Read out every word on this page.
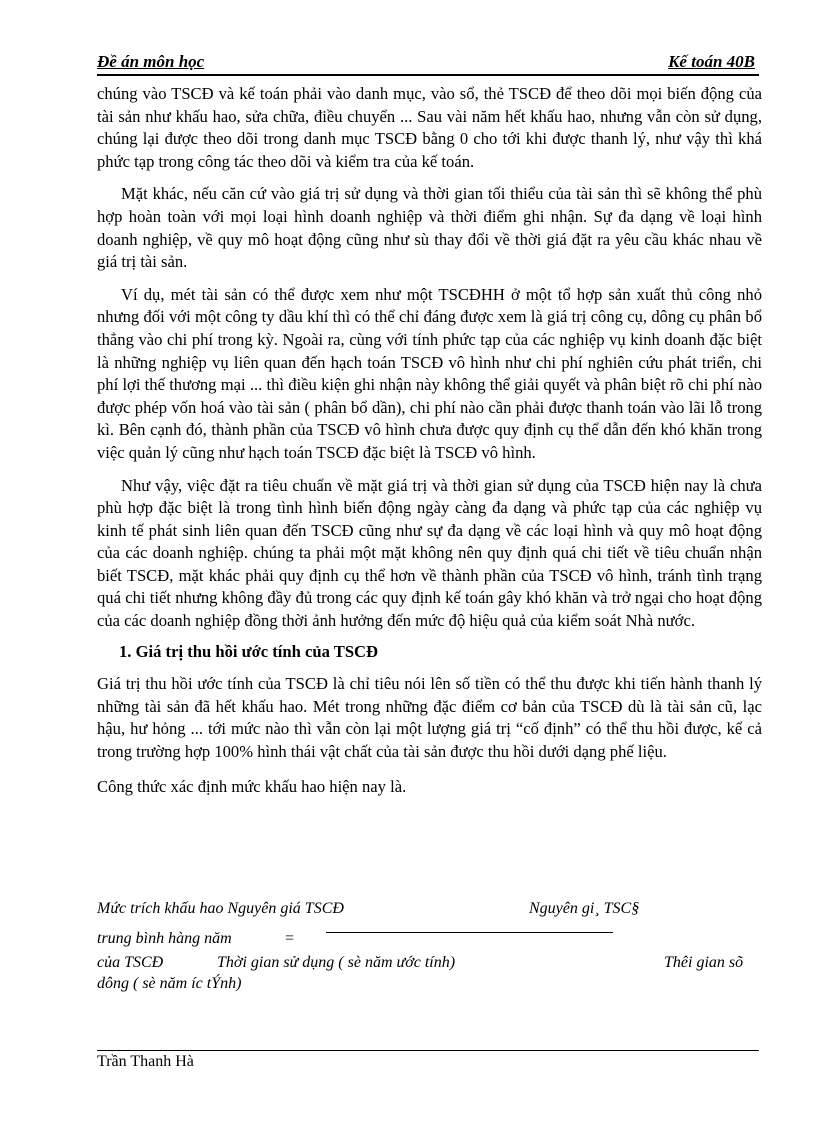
Đề án môn học	Kế toán 40B

chúng vào TSCĐ và kế toán phải vào danh mục, vào sổ, thẻ TSCĐ để theo dõi mọi biến động của tài sản như khấu hao, sửa chữa, điều chuyển ... Sau vài năm hết khấu hao, nhưng vẫn còn sử dụng, chúng lại được theo dõi trong danh mục TSCĐ bằng 0 cho tới khi được thanh lý, như vậy thì khá phức tạp trong công tác theo dõi và kiểm tra của kế toán.

Mặt khác, nếu căn cứ vào giá trị sử dụng và thời gian tối thiểu của tài sản thì sẽ không thể phù hợp hoàn toàn với mọi loại hình doanh nghiệp và thời điểm ghi nhận. Sự đa dạng về loại hình doanh nghiệp, về quy mô hoạt động cũng như sù thay đổi về thời giá đặt ra yêu cầu khác nhau về giá trị tài sản.

Ví dụ, mét tài sản có thể được xem như một TSCĐHH ở một tổ hợp sản xuất thủ công nhỏ nhưng đối với một công ty dầu khí thì có thể chỉ đáng được xem là giá trị công cụ, dông cụ phân bổ thẳng vào chi phí trong kỳ. Ngoài ra, cùng với tính phức tạp của các nghiệp vụ kinh doanh đặc biệt là những nghiệp vụ liên quan đến hạch toán TSCĐ vô hình như chi phí nghiên cứu phát triển, chi phí lợi thế thương mại ... thì điều kiện ghi nhận này không thể giải quyết và phân biệt rõ chi phí nào được phép vốn hoá vào tài sản ( phân bổ dần), chi phí nào cần phải được thanh toán vào lãi lỗ trong kì. Bên cạnh đó, thành phần của TSCĐ vô hình chưa được quy định cụ thể dẫn đến khó khăn trong việc quản lý cũng như hạch toán TSCĐ đặc biệt là TSCĐ vô hình.

Như vậy, việc đặt ra tiêu chuẩn về mặt giá trị và thời gian sử dụng của TSCĐ hiện nay là chưa phù hợp đặc biệt là trong tình hình biến động ngày càng đa dạng và phức tạp của các nghiệp vụ kinh tế phát sinh liên quan đến TSCĐ cũng như sự đa dạng về các loại hình và quy mô hoạt động của các doanh nghiệp. chúng ta phải một mặt không nên quy định quá chi tiết về tiêu chuẩn nhận biết TSCĐ, mặt khác phải quy định cụ thể hơn về thành phần của TSCĐ vô hình, tránh tình trạng quá chi tiết nhưng không đầy đủ trong các quy định kế toán gây khó khăn và trở ngại cho hoạt động của các doanh nghiệp đồng thời ảnh hưởng đến mức độ hiệu quả của kiểm soát Nhà nước.

1. Giá trị thu hồi ước tính của TSCĐ

Giá trị thu hồi ước tính của TSCĐ là chỉ tiêu nói lên số tiền có thể thu được khi tiến hành thanh lý những tài sản đã hết khấu hao. Mét trong những đặc điểm cơ bản của TSCĐ dù là tài sản cũ, lạc hậu, hư hỏng ... tới mức nào thì vẫn còn lại một lượng giá trị “cố định” có thể thu hồi được, kể cả trong trường hợp 100% hình thái vật chất của tài sản được thu hồi dưới dạng phế liệu.

Công thức xác định mức khấu hao hiện nay là.

Mức trích khấu hao Nguyên giá TSCĐ	Nguyên gi¸ TSC§
trung bình hàng năm	=
của TSCĐ	Thời gian sử dụng ( sè năm ước tính)	Thêi gian sõ
dông ( sè năm íc tÝnh)
Trần Thanh Hà
